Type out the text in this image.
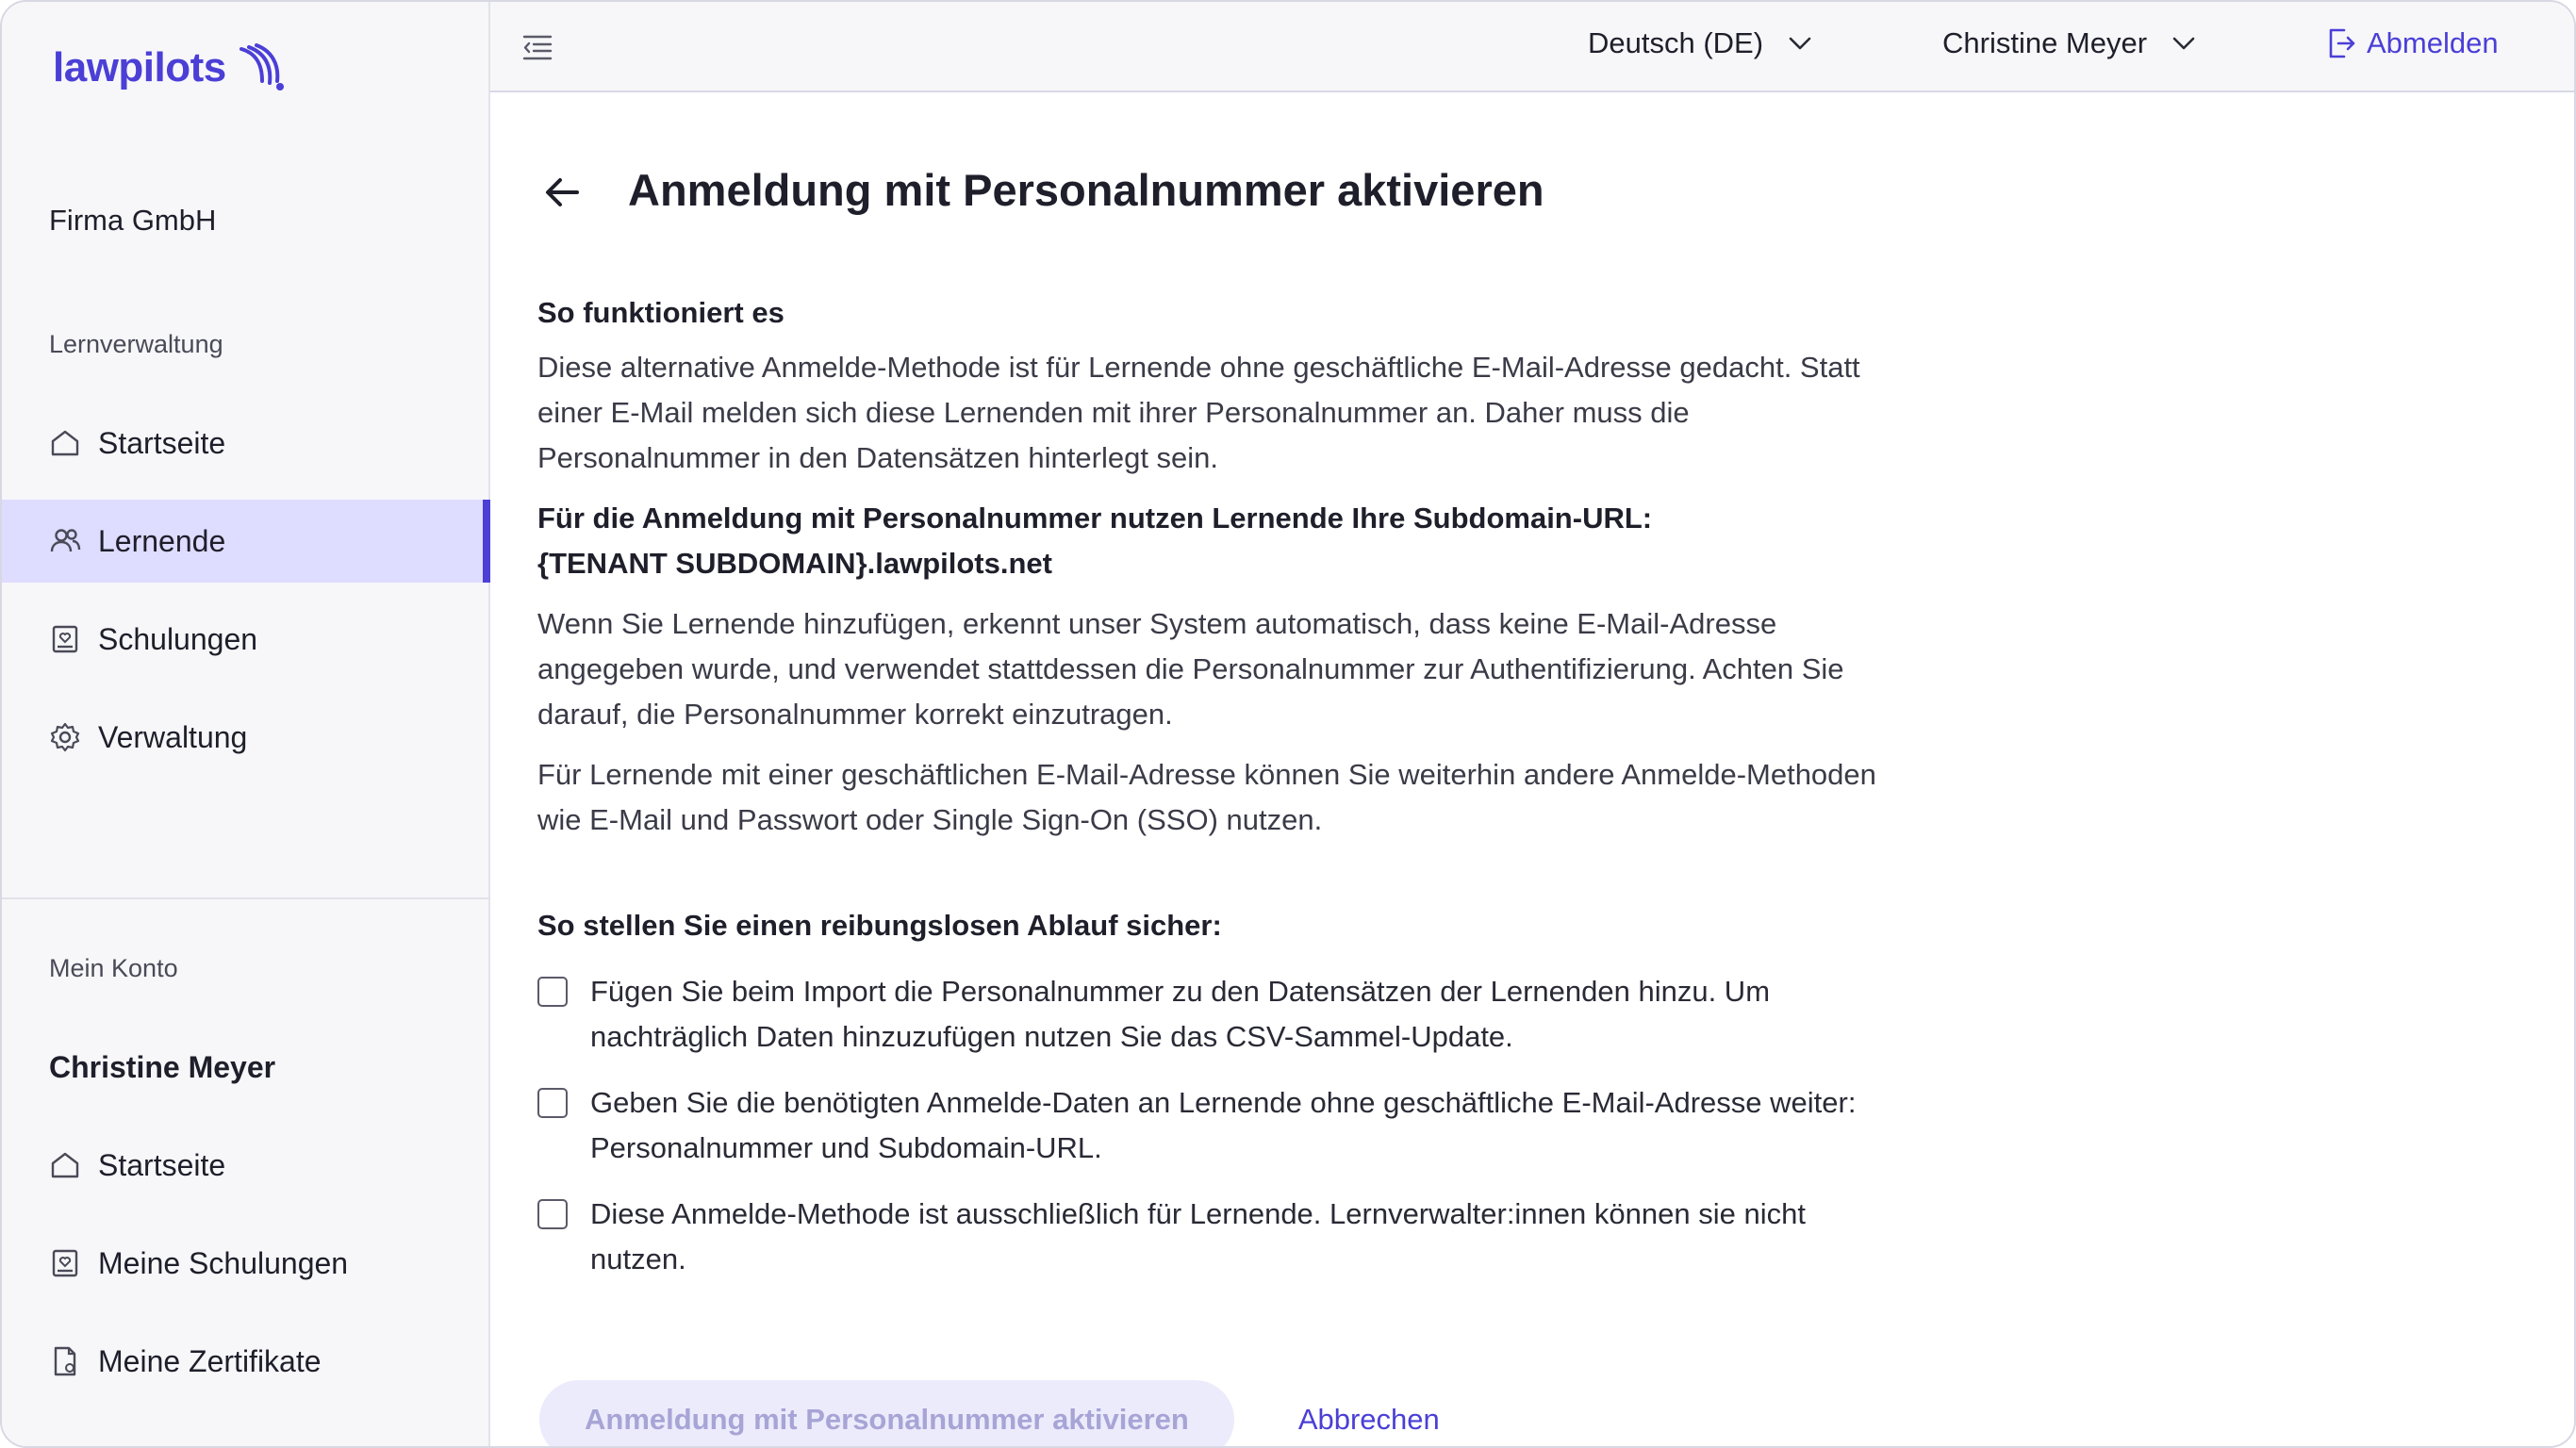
lawpilots
Firma GmbH
Lernverwaltung
Startseite
Lernende
Schulungen
Verwaltung
Mein Konto
Christine Meyer
Startseite
Meine Schulungen
Meine Zertifikate
Deutsch (DE)	Christine Meyer	Abmelden
Anmeldung mit Personalnummer aktivieren
So funktioniert es

Diese alternative Anmelde-Methode ist für Lernende ohne geschäftliche E-Mail-Adresse gedacht. Statt einer E-Mail melden sich diese Lernenden mit ihrer Personalnummer an. Daher muss die Personalnummer in den Datensätzen hinterlegt sein.

Für die Anmeldung mit Personalnummer nutzen Lernende Ihre Subdomain-URL:

{TENANT SUBDOMAIN}.lawpilots.net

Wenn Sie Lernende hinzufügen, erkennt unser System automatisch, dass keine E-Mail-Adresse angegeben wurde, und verwendet stattdessen die Personalnummer zur Authentifizierung. Achten Sie darauf, die Personalnummer korrekt einzutragen.

Für Lernende mit einer geschäftlichen E-Mail-Adresse können Sie weiterhin andere Anmelde-Methoden wie E-Mail und Passwort oder Single Sign-On (SSO) nutzen.

So stellen Sie einen reibungslosen Ablauf sicher:
Fügen Sie beim Import die Personalnummer zu den Datensätzen der Lernenden hinzu. Um nachträglich Daten hinzuzufügen nutzen Sie das CSV-Sammel-Update.
Geben Sie die benötigten Anmelde-Daten an Lernende ohne geschäftliche E-Mail-Adresse weiter: Personalnummer und Subdomain-URL.
Diese Anmelde-Methode ist ausschließlich für Lernende. Lernverwalter:innen können sie nicht nutzen.
Anmeldung mit Personalnummer aktivieren	Abbrechen
